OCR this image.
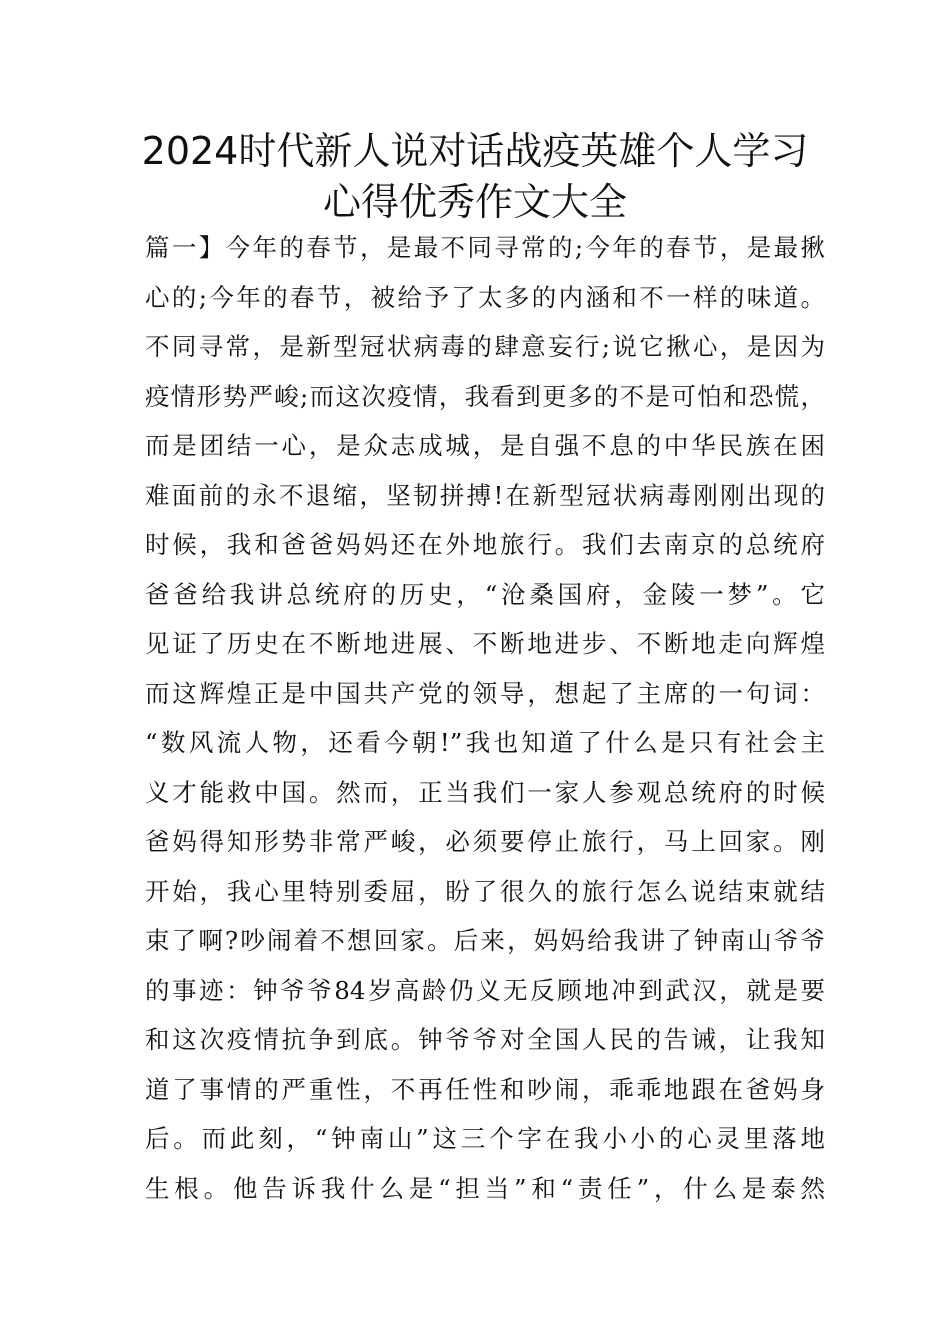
2024时代新人说对话战疫英雄个人学习
心得优秀作文大全
篇一】今年的春节，是最不同寻常的;今年的春节，是最揪
心的;今年的春节，被给予了太多的内涵和不一样的味道。
不同寻常，是新型冠状病毒的肆意妄行;说它揪心，是因为
疫情形势严峻;而这次疫情，我看到更多的不是可怕和恐慌，
而是团结一心，是众志成城，是自强不息的中华民族在困
难面前的永不退缩，坚韧拼搏!在新型冠状病毒刚刚出现的
时候，我和爸爸妈妈还在外地旅行。我们去南京的总统府
爸爸给我讲总统府的历史，“沧桑国府，金陵一梦”。它
见证了历史在不断地进展、不断地进步、不断地走向辉煌
而这辉煌正是中国共产党的领导，想起了主席的一句词：
“数风流人物，还看今朝!”我也知道了什么是只有社会主
义才能救中国。然而，正当我们一家人参观总统府的时候
爸妈得知形势非常严峻，必须要停止旅行，马上回家。刚
开始，我心里特别委屈，盼了很久的旅行怎么说结束就结
束了啊?吵闹着不想回家。后来，妈妈给我讲了钟南山爷爷
的事迹：钟爷爷84岁高龄仍义无反顾地冲到武汉，就是要
和这次疫情抗争到底。钟爷爷对全国人民的告诫，让我知
道了事情的严重性，不再任性和吵闹，乖乖地跟在爸妈身
后。而此刻，“钟南山”这三个字在我小小的心灵里落地
生根。他告诉我什么是“担当”和“责任”，什么是泰然
